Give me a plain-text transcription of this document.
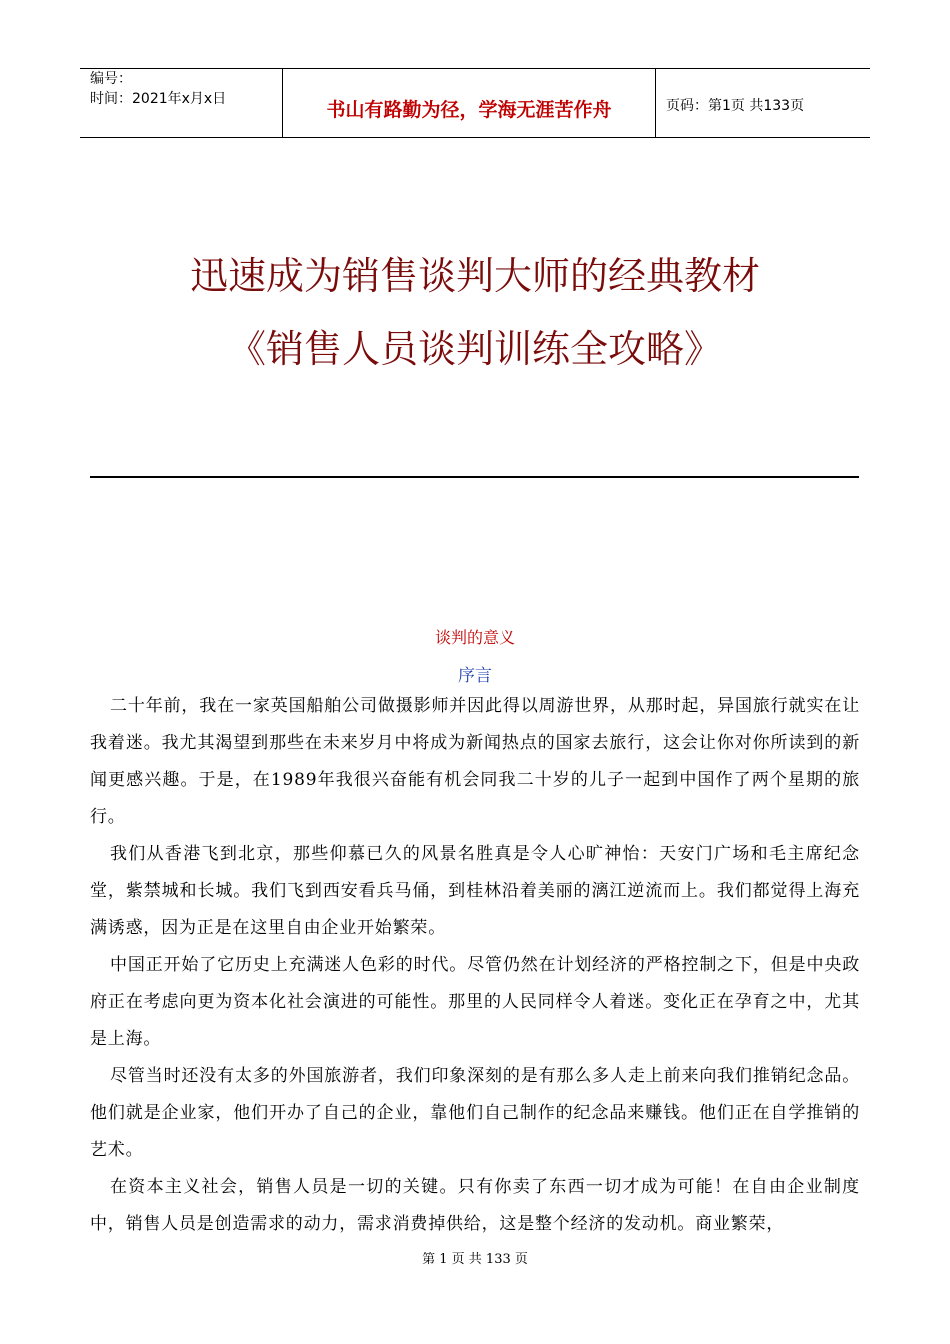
编号：
时间：2021年x月x日	书山有路勤为径，学海无涯苦作舟	页码：第1页 共133页
迅速成为销售谈判大师的经典教材
《销售人员谈判训练全攻略》
谈判的意义
序言

二十年前，我在一家英国船舶公司做摄影师并因此得以周游世界，从那时起，异国旅行就实在让我着迷。我尤其渴望到那些在未来岁月中将成为新闻热点的国家去旅行，这会让你对你所读到的新闻更感兴趣。于是，在1989年我很兴奋能有机会同我二十岁的儿子一起到中国作了两个星期的旅行。

我们从香港飞到北京，那些仰慕已久的风景名胜真是令人心旷神怡：天安门广场和毛主席纪念堂，紫禁城和长城。我们飞到西安看兵马俑，到桂林沿着美丽的漓江逆流而上。我们都觉得上海充满诱惑，因为正是在这里自由企业开始繁荣。

中国正开始了它历史上充满迷人色彩的时代。尽管仍然在计划经济的严格控制之下，但是中央政府正在考虑向更为资本化社会演进的可能性。那里的人民同样令人着迷。变化正在孕育之中，尤其是上海。

尽管当时还没有太多的外国旅游者，我们印象深刻的是有那么多人走上前来向我们推销纪念品。他们就是企业家，他们开办了自己的企业，靠他们自己制作的纪念品来赚钱。他们正在自学推销的艺术。

在资本主义社会，销售人员是一切的关键。只有你卖了东西一切才成为可能！在自由企业制度中，销售人员是创造需求的动力，需求消费掉供给，这是整个经济的发动机。商业繁荣，

第 1 页 共 133 页
